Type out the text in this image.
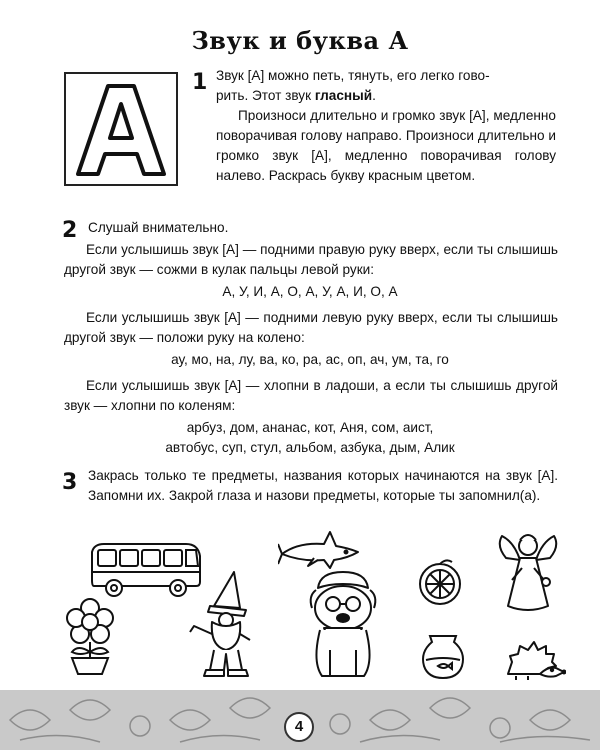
Звук и буква А
1 Звук [А] можно петь, тянуть, его легко гово-

рить. Этот звук гласный.

Произноси длительно и громко звук [А], медленно поворачивая голову направо. Произноси длительно и громко звук [А], медленно поворачивая голову налево. Раскрась букву красным цветом.

2 Слушай внимательно.

Если услышишь звук [А] — подними правую руку вверх, если ты слышишь другой звук — сожми в кулак пальцы левой руки:

А, У, И, А, О, А, У, А, И, О, А

Если услышишь звук [А] — подними левую руку вверх, если ты слышишь другой звук — положи руку на колено:

ау, мо, на, лу, ва, ко, ра, ас, оп, ач, ум, та, го

Если услышишь звук [А] — хлопни в ладоши, а если ты слышишь другой звук — хлопни по коленям:

арбуз, дом, ананас, кот, Аня, сом, аист,
автобус, суп, стул, альбом, азбука, дым, Алик
3 Закрась только те предметы, названия которых начинаются на звук [А]. Запомни их. Закрой глаза и назови предметы, которые ты запомнил(а).

4
